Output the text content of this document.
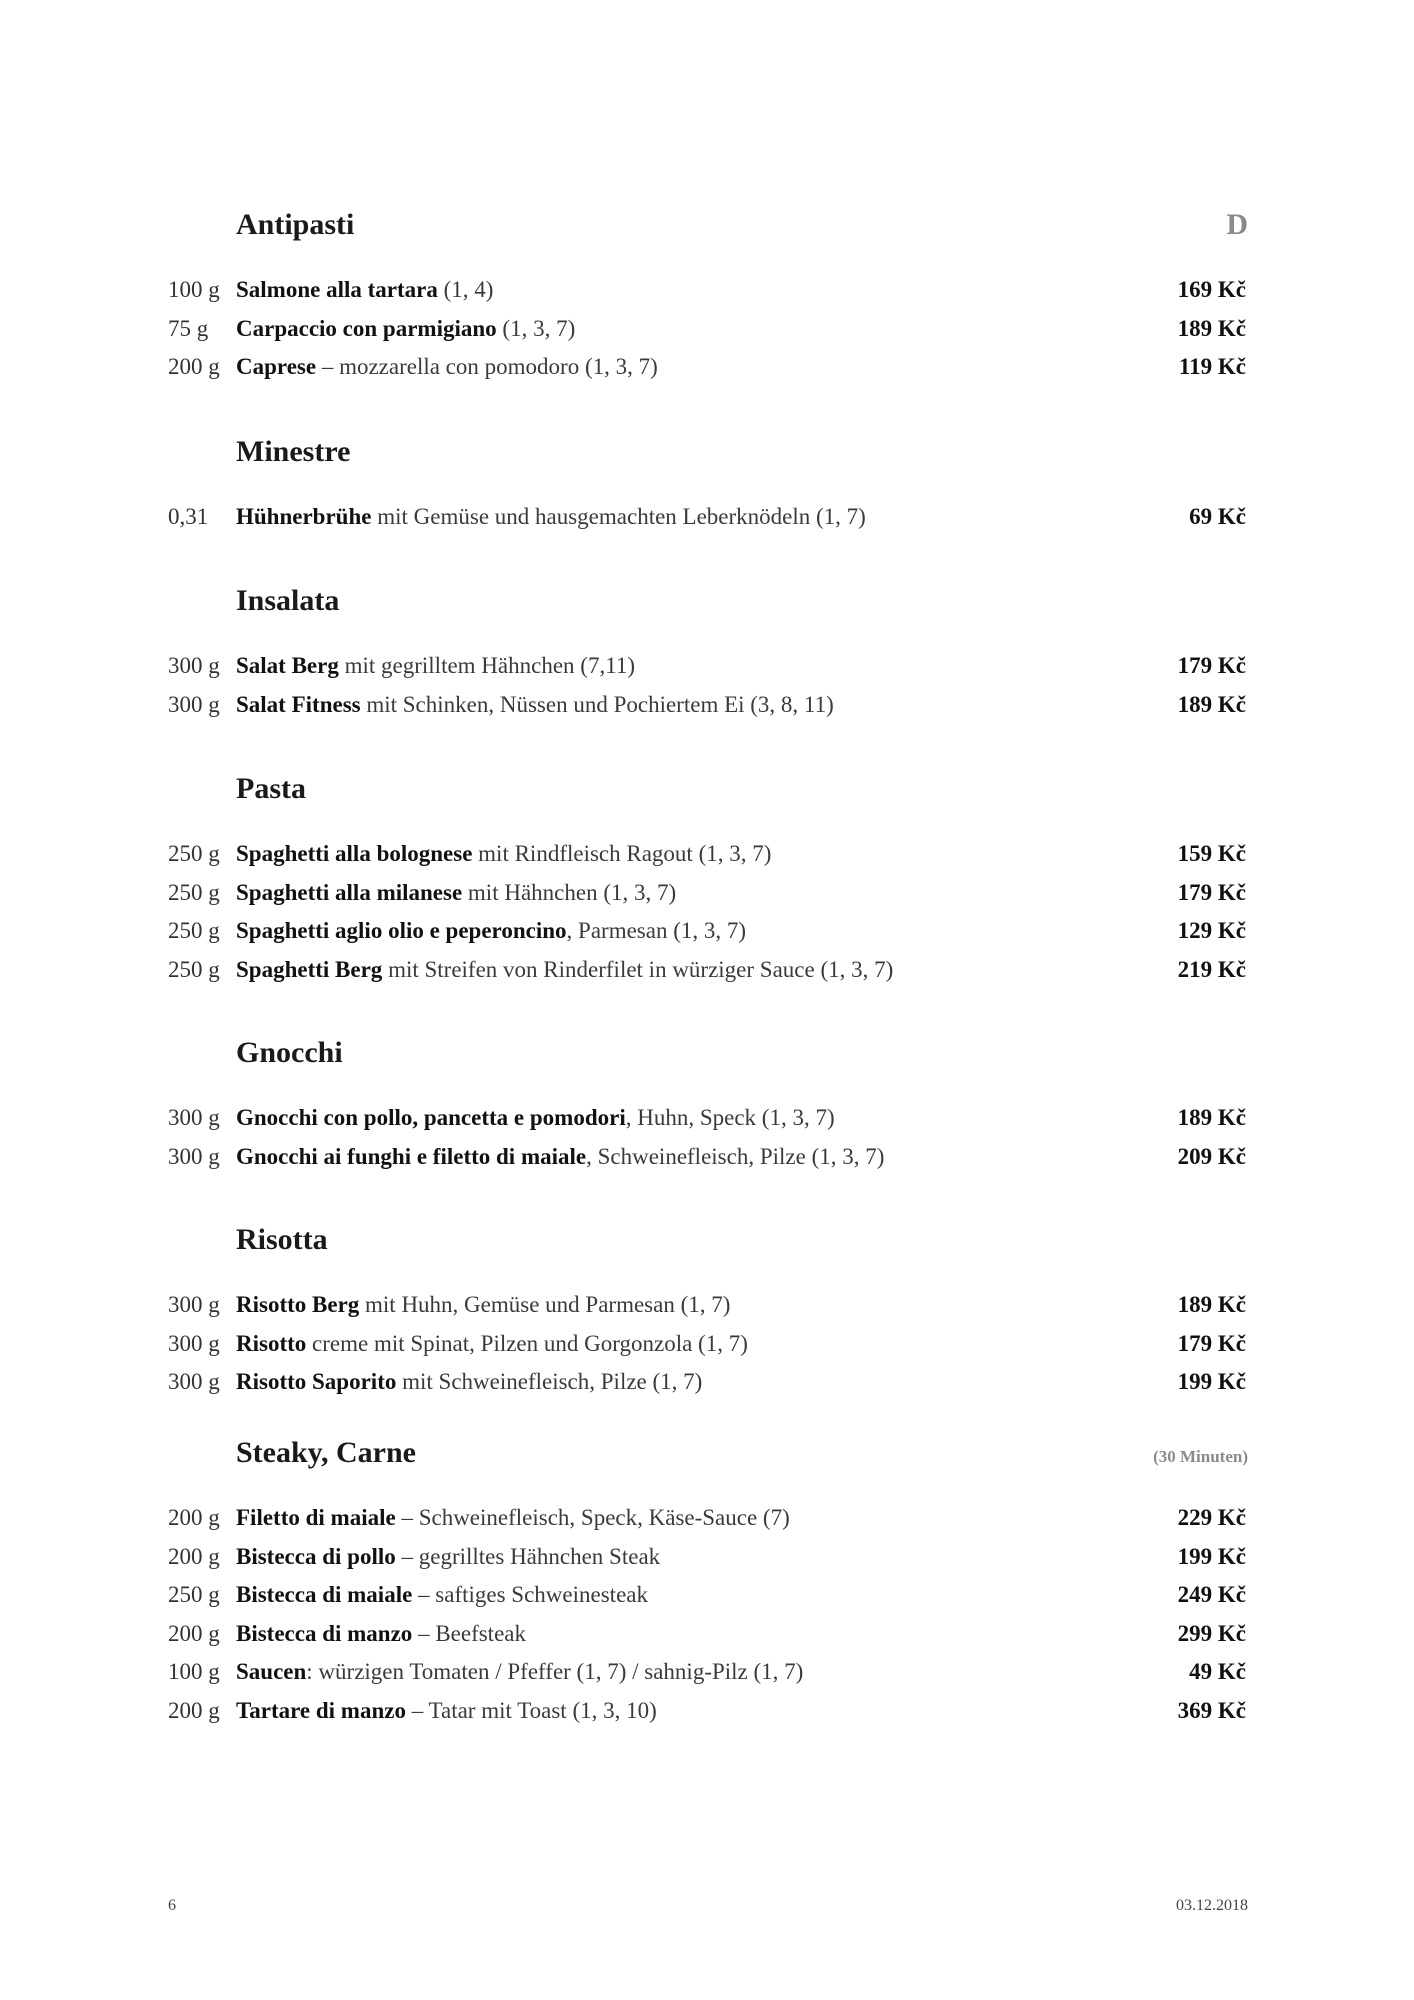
Antipasti	D
100 g Salmone alla tartara (1, 4)	169 Kč
75 g Carpaccio con parmigiano (1, 3, 7)	189 Kč
200 g Caprese – mozzarella con pomodoro (1, 3, 7)	119 Kč
Minestre
0,31 Hühnerbrühe mit Gemüse und hausgemachten Leberknödeln (1, 7)	69 Kč
Insalata
300 g Salat Berg mit gegrilltem Hähnchen (7,11)	179 Kč
300 g Salat Fitness mit Schinken, Nüssen und Pochiertem Ei (3, 8, 11)	189 Kč
Pasta
250 g Spaghetti alla bolognese mit Rindfleisch Ragout (1, 3, 7)	159 Kč
250 g Spaghetti alla milanese mit Hähnchen (1, 3, 7)	179 Kč
250 g Spaghetti aglio olio e peperoncino, Parmesan (1, 3, 7)	129 Kč
250 g Spaghetti Berg mit Streifen von Rinderfilet in würziger Sauce (1, 3, 7)	219 Kč
Gnocchi
300 g Gnocchi con pollo, pancetta e pomodori, Huhn, Speck (1, 3, 7)	189 Kč
300 g Gnocchi ai funghi e filetto di maiale, Schweinefleisch, Pilze (1, 3, 7)	209 Kč
Risotta
300 g Risotto Berg mit Huhn, Gemüse und Parmesan (1, 7)	189 Kč
300 g Risotto creme mit Spinat, Pilzen und Gorgonzola (1, 7)	179 Kč
300 g Risotto Saporito mit Schweinefleisch, Pilze (1, 7)	199 Kč
Steaky, Carne	(30 Minuten)
200 g Filetto di maiale – Schweinefleisch, Speck, Käse-Sauce (7)	229 Kč
200 g Bistecca di pollo – gegrilltes Hähnchen Steak	199 Kč
250 g Bistecca di maiale – saftiges Schweinesteak	249 Kč
200 g Bistecca di manzo – Beefsteak	299 Kč
100 g Saucen: würzigen Tomaten / Pfeffer (1, 7) / sahnig-Pilz (1, 7)	49 Kč
200 g Tartare di manzo – Tatar mit Toast (1, 3, 10)	369 Kč
6	03.12.2018
